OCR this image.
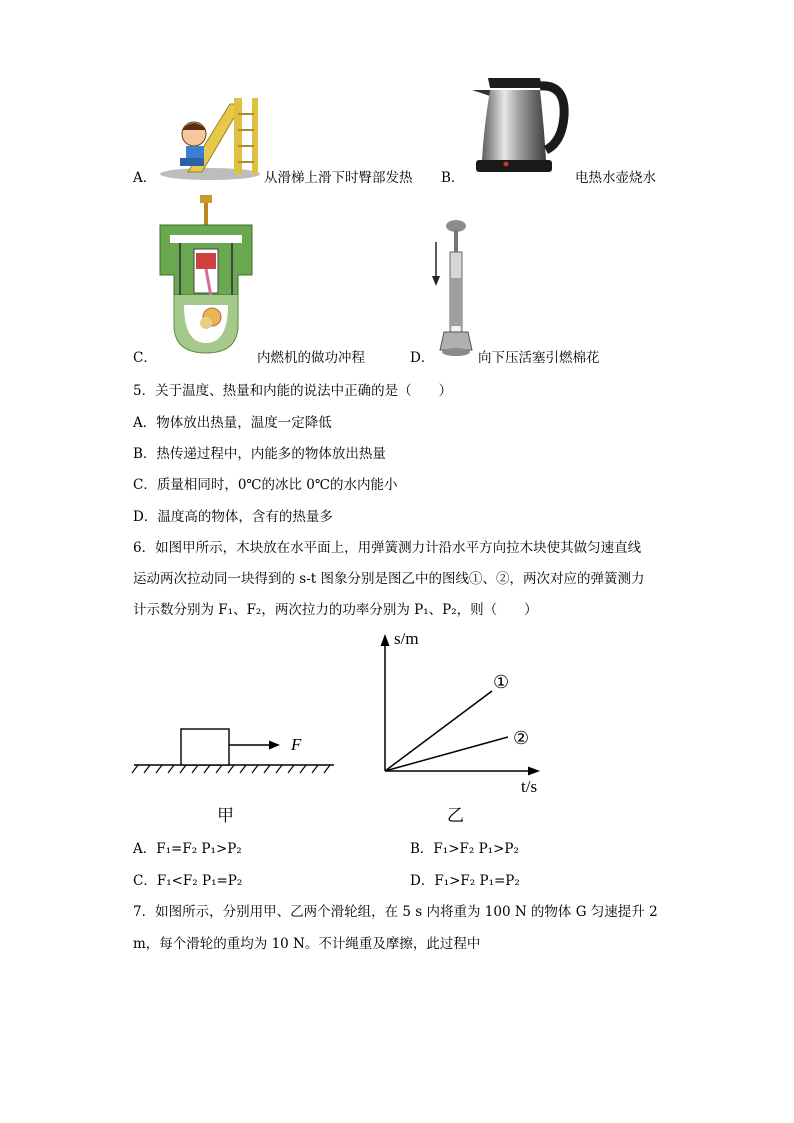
A．	从滑梯上滑下时臀部发热 B．	电热水壶烧水
C．	内燃机的做功冲程	D．	向下压活塞引燃棉花
5．关于温度、热量和内能的说法中正确的是（　　）
A．物体放出热量，温度一定降低
B．热传递过程中，内能多的物体放出热量
C．质量相同时，0℃的冰比 0℃的水内能小
D．温度高的物体，含有的热量多
6．如图甲所示，木块放在水平面上，用弹簧测力计沿水平方向拉木块使其做匀速直线
运动两次拉动同一块得到的 s-t 图象分别是图乙中的图线①、②，两次对应的弹簧测力
计示数分别为 F₁、F₂，两次拉力的功率分别为 P₁、P₂，则（　　）
F
甲
s/m
t/s
①
②
乙
A．F₁=F₂ P₁>P₂	B．F₁>F₂ P₁>P₂
C．F₁<F₂ P₁=P₂	D．F₁>F₂ P₁=P₂
7．如图所示，分别用甲、乙两个滑轮组，在 5 s 内将重为 100 N 的物体 G 匀速提升 2
m，每个滑轮的重均为 10 N。不计绳重及摩擦，此过程中
